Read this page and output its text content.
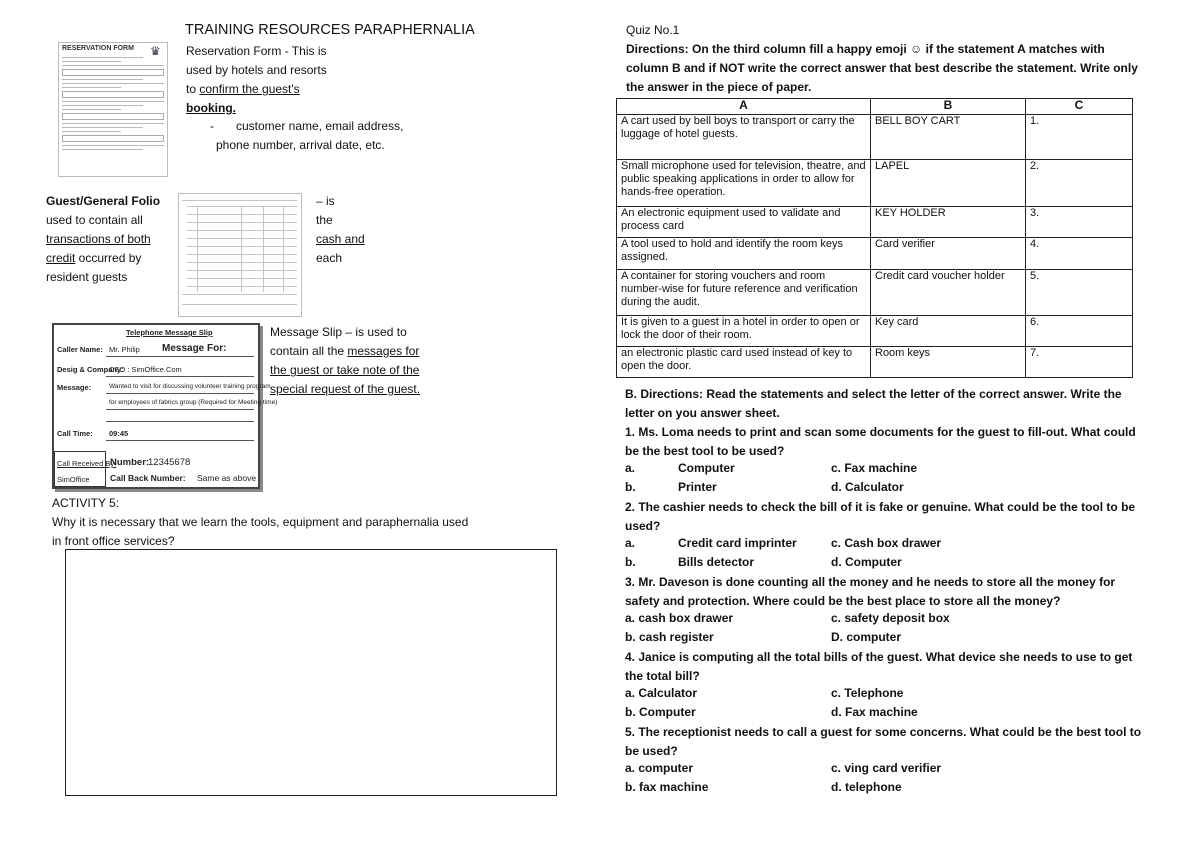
TRAINING RESOURCES PARAPHERNALIA
RESERVATION FORM	♛ Reservation Form - This is
used by hotels and resorts
to confirm the guest's
booking.
- customer name, email address,
phone number, arrival date, etc.
Guest/General Folio
used to contain all
transactions of both
credit occurred by
resident guests
– is
the
cash and
each
Telephone Message Slip
Caller Name: Mr. Philip Message For:
Desig & Company:
CEO : SimOffice.Com
Message:	Wanted to visit for discussing volunteer training program
for employees of fabrics group (Required for Meeting time)
Call Time: 09:45
Call Received By:
SimOffice
Number:
12345678
Call Back Number: Same as above
Message Slip – is used to
contain all the messages for
the guest or take note of the
special request of the guest.
ACTIVITY 5:
Why it is necessary that we learn the tools, equipment and paraphernalia used
in front office services?
Quiz No.1
Directions: On the third column fill a happy emoji ☺ if the statement A matches with
column B and if NOT write the correct answer that best describe the statement. Write only
the answer in the piece of paper.
A	B	C
A cart used by bell boys to transport or carry the luggage of hotel guests.	BELL BOY CART	1.
Small microphone used for television, theatre, and public speaking applications in order to allow for hands-free operation.	LAPEL	2.
An electronic equipment used to validate and process card	KEY HOLDER	3.
A tool used to hold and identify the room keys assigned.	Card verifier	4.
A container for storing vouchers and room number-wise for future reference and verification during the audit.	Credit card voucher holder	5.
It is given to a guest in a hotel in order to open or lock the door of their room.	Key card	6.
an electronic plastic card used instead of key to open the door.	Room keys	7.
B. Directions: Read the statements and select the letter of the correct answer. Write the
letter on you answer sheet.
1. Ms. Loma needs to print and scan some documents for the guest to fill-out. What could
be the best tool to be used?
a.	Computer	c. Fax machine
b.	Printer	d. Calculator
2. The cashier needs to check the bill of it is fake or genuine. What could be the tool to be
used?
a.	Credit card imprinter	c. Cash box drawer
b.	Bills detector	d. Computer
3. Mr. Daveson is done counting all the money and he needs to store all the money for
safety and protection. Where could be the best place to store all the money?
a. cash box drawer	c. safety deposit box
b. cash register	D. computer
4. Janice is computing all the total bills of the guest. What device she needs to use to get
the total bill?
a. Calculator	c. Telephone
b. Computer	d. Fax machine
5. The receptionist needs to call a guest for some concerns. What could be the best tool to
be used?
a. computer	c. ving card verifier
b. fax machine	d. telephone
